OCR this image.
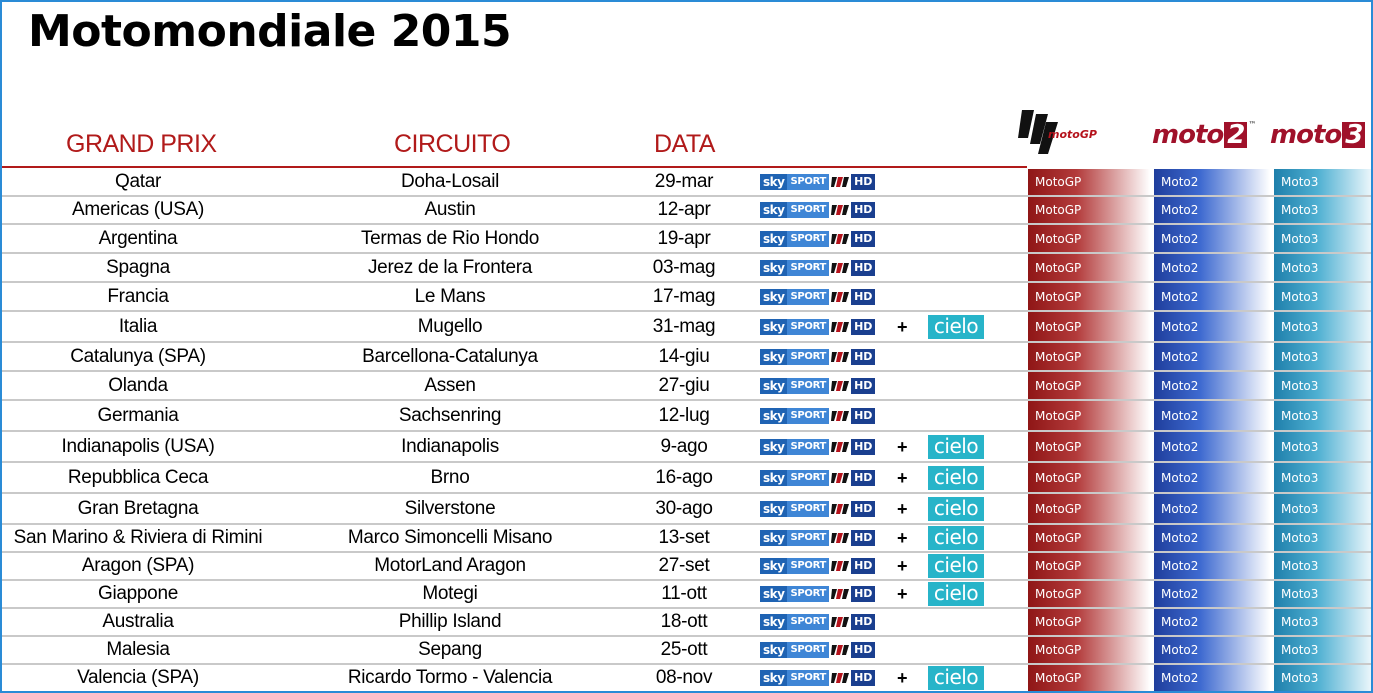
Motomondiale 2015
GRAND PRIX	CIRCUITO	DATA	motoGP moto 2 ™ moto 3
Qatar	Doha-Losail	29-mar	sky SPORT	HD	MotoGP	Moto2	Moto3
Americas (USA)	Austin	12-apr	sky SPORT	HD	MotoGP	Moto2	Moto3
Argentina	Termas de Rio Hondo	19-apr	sky SPORT	HD	MotoGP	Moto2	Moto3
Spagna	Jerez de la Frontera	03-mag	sky SPORT	HD	MotoGP	Moto2	Moto3
Francia	Le Mans	17-mag	sky SPORT	HD	MotoGP	Moto2	Moto3
Italia	Mugello	31-mag	sky SPORT	HD + cielo	MotoGP	Moto2	Moto3
Catalunya (SPA)	Barcellona-Catalunya	14-giu	sky SPORT	HD	MotoGP	Moto2	Moto3
Olanda	Assen	27-giu	sky SPORT	HD	MotoGP	Moto2	Moto3
Germania	Sachsenring	12-lug	sky SPORT	HD	MotoGP	Moto2	Moto3
Indianapolis (USA)	Indianapolis	9-ago	sky SPORT	HD + cielo	MotoGP	Moto2	Moto3
Repubblica Ceca	Brno	16-ago	sky SPORT	HD + cielo	MotoGP	Moto2	Moto3
Gran Bretagna	Silverstone	30-ago	sky SPORT	HD + cielo	MotoGP	Moto2	Moto3
San Marino & Riviera di Rimini	Marco Simoncelli Misano	13-set	sky SPORT	HD + cielo	MotoGP	Moto2	Moto3
Aragon (SPA)	MotorLand Aragon	27-set	sky SPORT	HD + cielo	MotoGP	Moto2	Moto3
Giappone	Motegi	11-ott	sky SPORT	HD + cielo	MotoGP	Moto2	Moto3
Australia	Phillip Island	18-ott	sky SPORT	HD	MotoGP	Moto2	Moto3
Malesia	Sepang	25-ott	sky SPORT	HD	MotoGP	Moto2	Moto3
Valencia (SPA)	Ricardo Tormo - Valencia	08-nov	sky SPORT	HD + cielo	MotoGP	Moto2	Moto3
